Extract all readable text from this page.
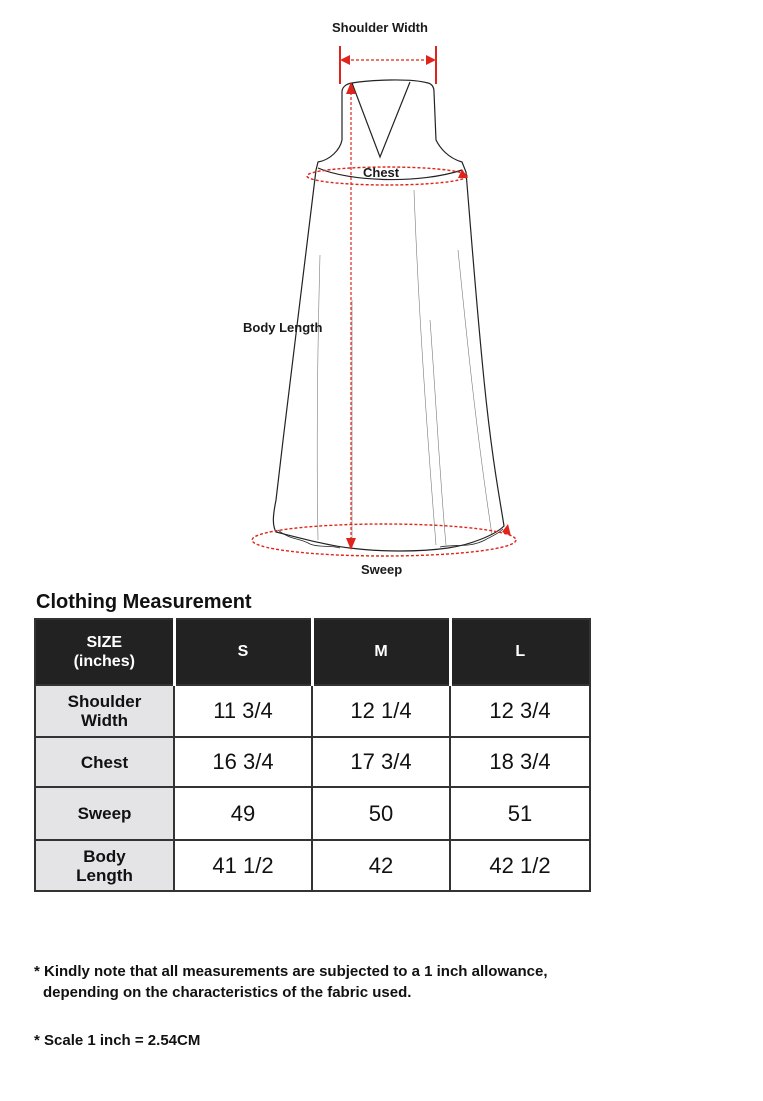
Shoulder Width
Chest
Body Length
Sweep
Clothing Measurement
SIZE
(inches)	S	M	L
Shoulder
Width	11 3/4	12 1/4	12 3/4
Chest	16 3/4	17 3/4	18 3/4
Sweep	49	50	51
Body
Length	41 1/2	42	42 1/2
* Kindly note that all measurements are subjected to a 1 inch allowance,
depending on the characteristics of the fabric used.
* Scale 1 inch = 2.54CM
